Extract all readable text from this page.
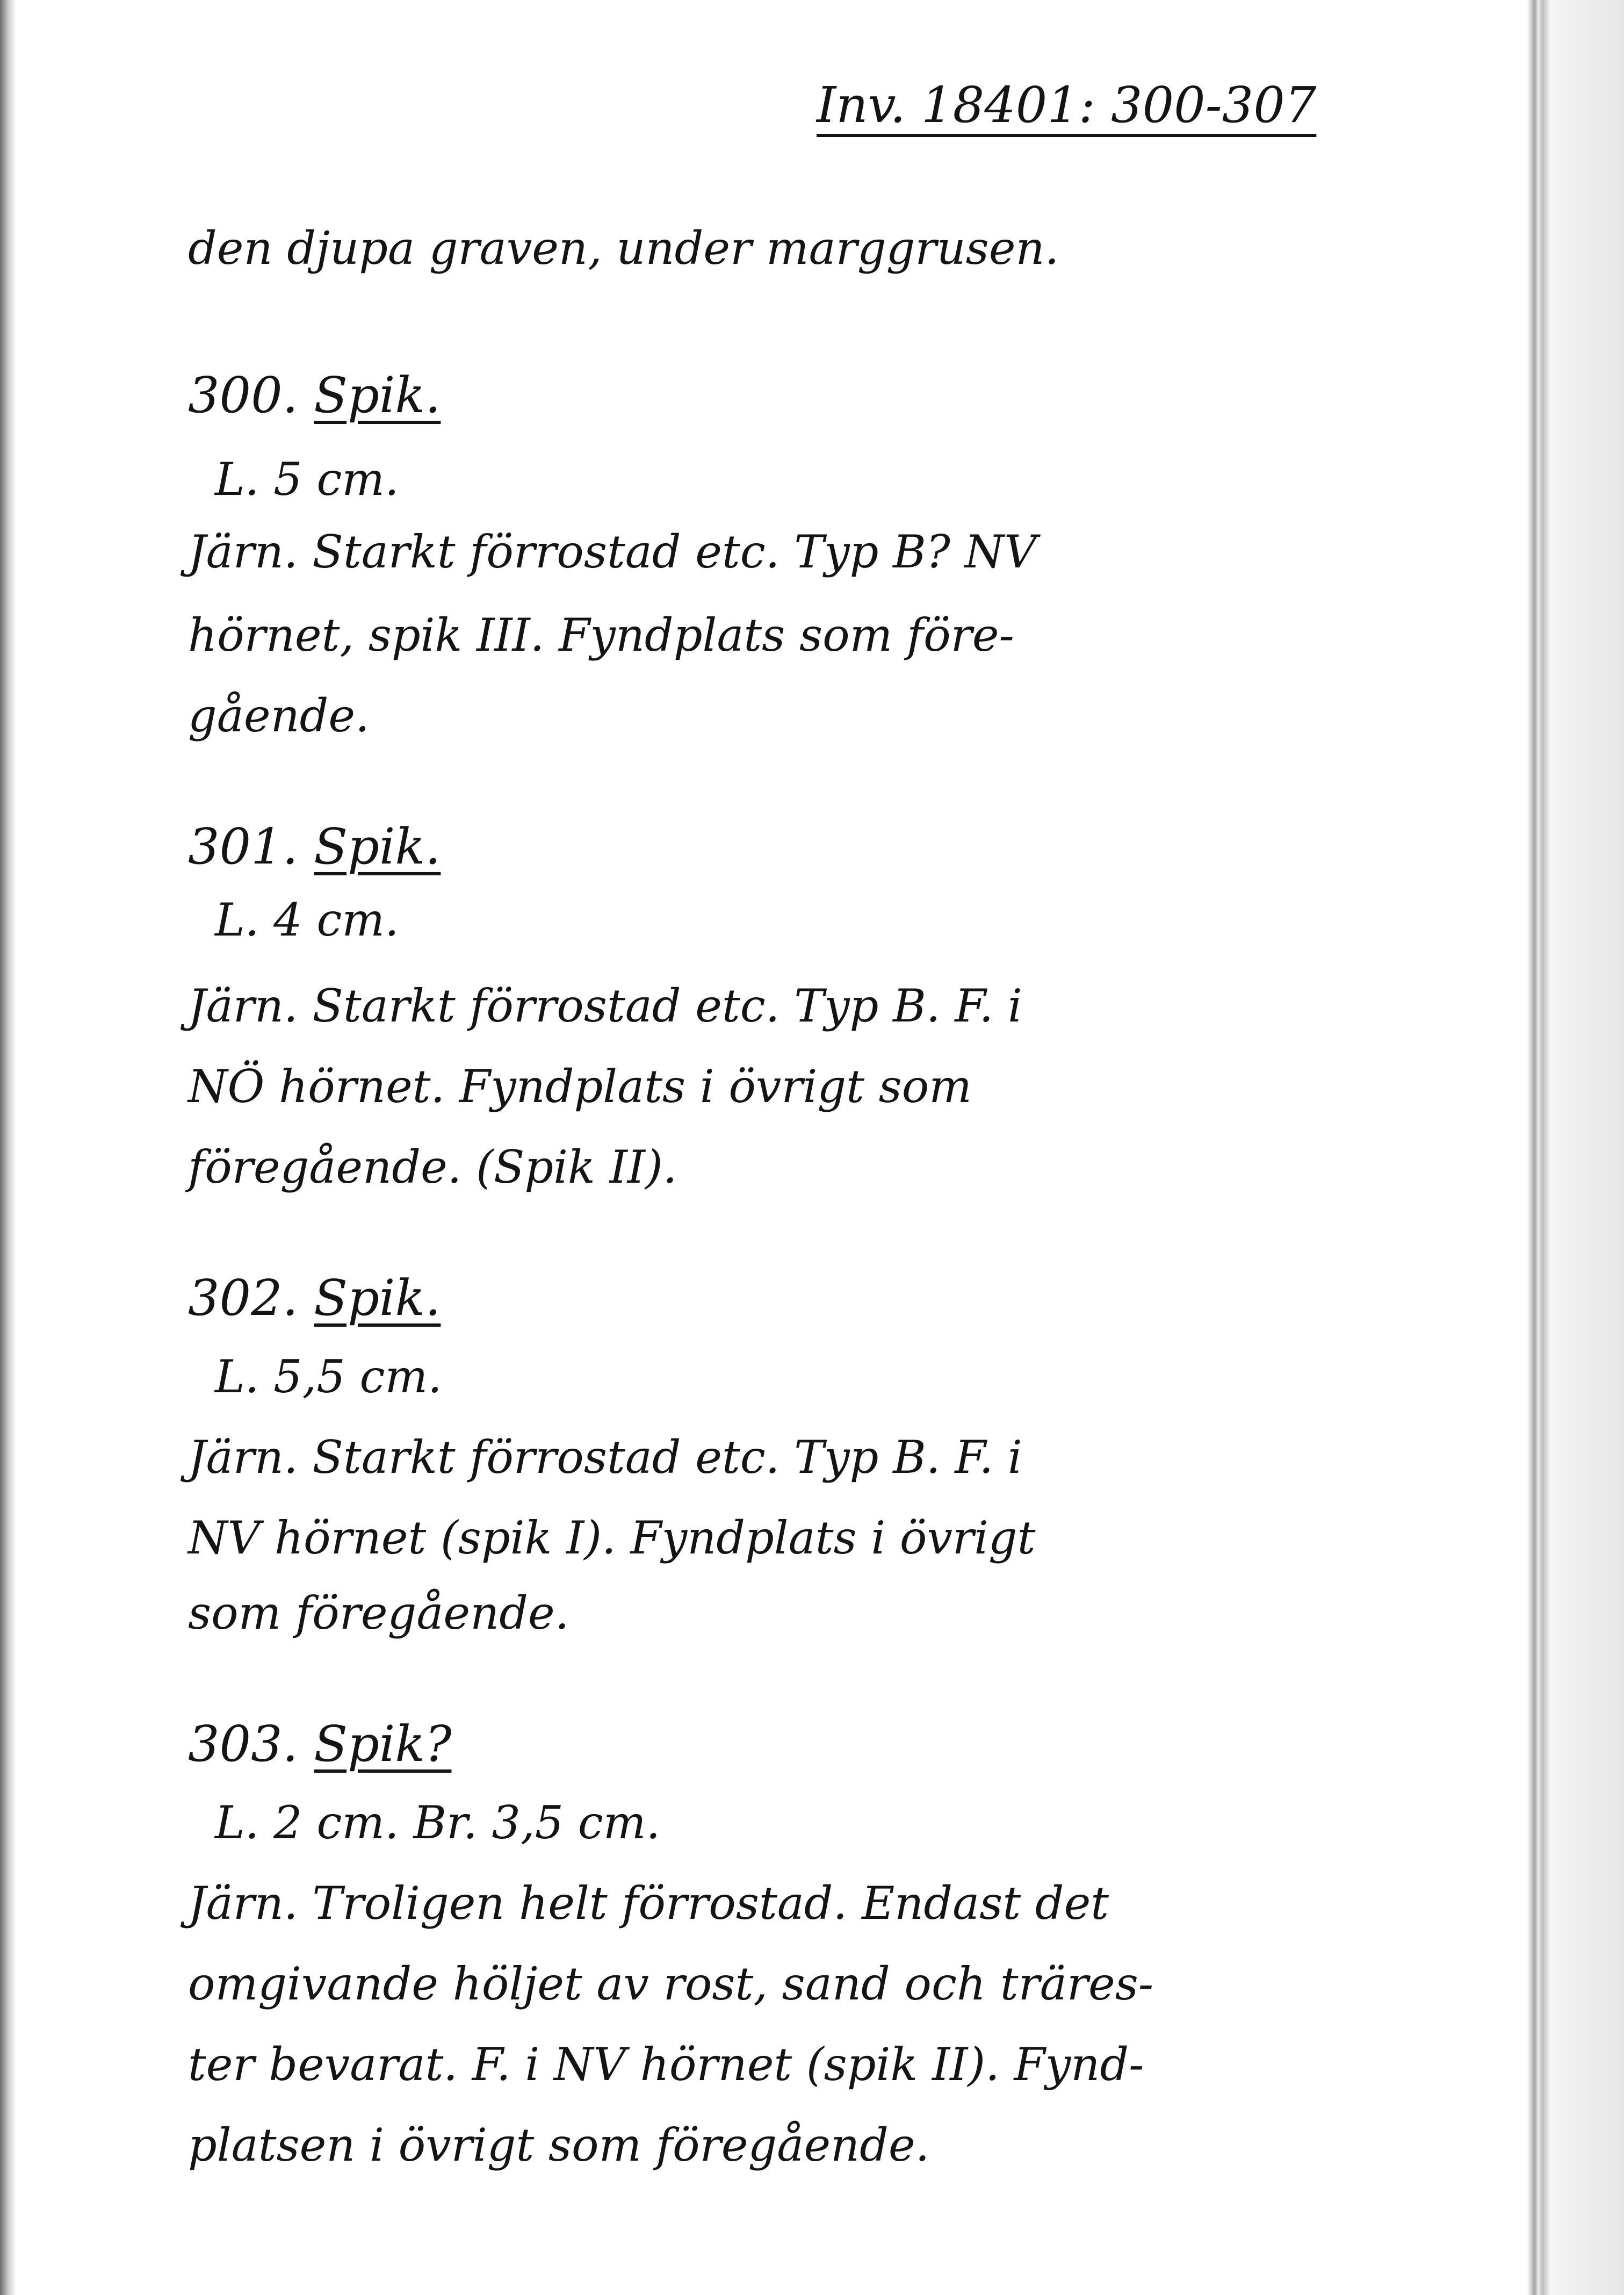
Inv. 18401: 300-307
den djupa graven, under marggrusen.
300. Spik.
L. 5 cm.
Järn. Starkt förrostad etc. Typ B? NV
hörnet, spik III. Fyndplats som före-
gående.
301. Spik.
L. 4 cm.
Järn. Starkt förrostad etc. Typ B. F. i
NÖ hörnet. Fyndplats i övrigt som
föregående. (Spik II).
302. Spik.
L. 5,5 cm.
Järn. Starkt förrostad etc. Typ B. F. i
NV hörnet (spik I). Fyndplats i övrigt
som föregående.
303. Spik?
L. 2 cm. Br. 3,5 cm.
Järn. Troligen helt förrostad. Endast det
omgivande höljet av rost, sand och träres-
ter bevarat. F. i NV hörnet (spik II). Fynd-
platsen i övrigt som föregående.
